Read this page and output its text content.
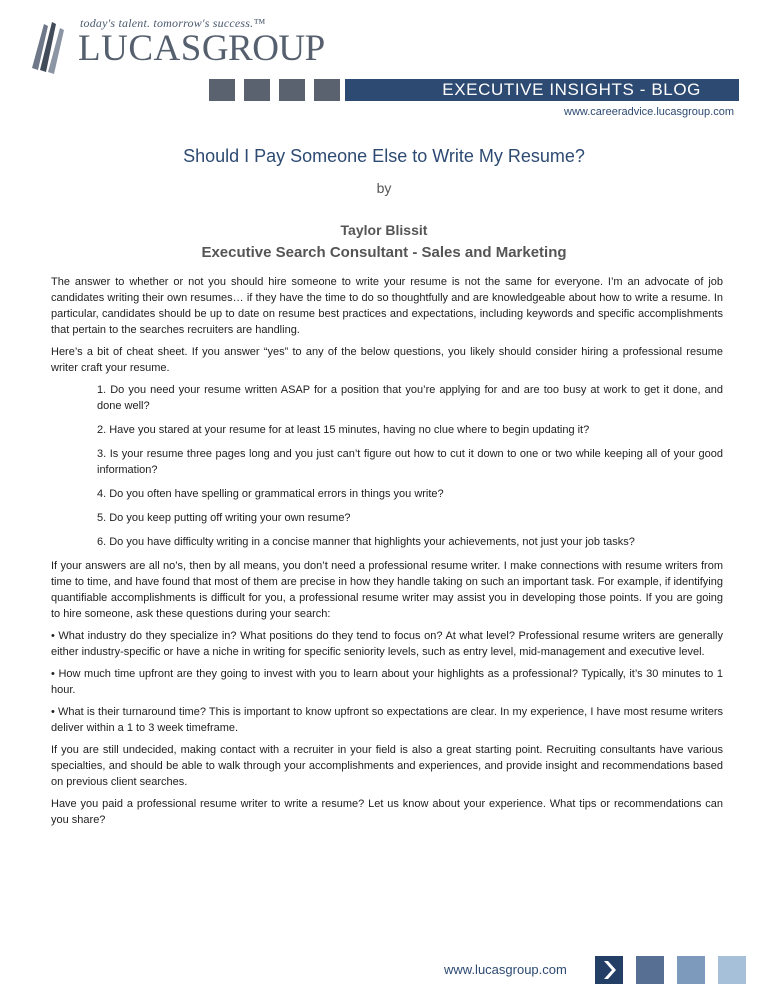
today's talent. tomorrow's success.™
LUCASGROUP
EXECUTIVE INSIGHTS - BLOG
www.careeradvice.lucasgroup.com
Should I Pay Someone Else to Write My Resume?
by
Taylor Blissit
Executive Search Consultant - Sales and Marketing

The answer to whether or not you should hire someone to write your resume is not the same for everyone. I’m an advocate of job candidates writing their own resumes… if they have the time to do so thoughtfully and are knowledgeable about how to write a resume. In particular, candidates should be up to date on resume best practices and expectations, including keywords and specific accomplishments that pertain to the searches recruiters are handling.

Here’s a bit of cheat sheet. If you answer “yes” to any of the below questions, you likely should consider hiring a professional resume writer craft your resume.

1. Do you need your resume written ASAP for a position that you’re applying for and are too busy at work to get it done, and done well?
2. Have you stared at your resume for at least 15 minutes, having no clue where to begin updating it?
3. Is your resume three pages long and you just can’t figure out how to cut it down to one or two while keeping all of your good information?
4. Do you often have spelling or grammatical errors in things you write?
5. Do you keep putting off writing your own resume?
6. Do you have difficulty writing in a concise manner that highlights your achievements, not just your job tasks?

If your answers are all no’s, then by all means, you don’t need a professional resume writer. I make connections with resume writers from time to time, and have found that most of them are precise in how they handle taking on such an important task. For example, if identifying quantifiable accomplishments is difficult for you, a professional resume writer may assist you in developing those points. If you are going to hire someone, ask these questions during your search:

• What industry do they specialize in? What positions do they tend to focus on? At what level? Professional resume writers are generally either industry-specific or have a niche in writing for specific seniority levels, such as entry level, mid-management and executive level.

• How much time upfront are they going to invest with you to learn about your highlights as a professional? Typically, it’s 30 minutes to 1 hour.

• What is their turnaround time? This is important to know upfront so expectations are clear. In my experience, I have most resume writers deliver within a 1 to 3 week timeframe.

If you are still undecided, making contact with a recruiter in your field is also a great starting point. Recruiting consultants have various specialties, and should be able to walk through your accomplishments and experiences, and provide insight and recommendations based on previous client searches.

Have you paid a professional resume writer to write a resume? Let us know about your experience. What tips or recommendations can you share?

www.lucasgroup.com
